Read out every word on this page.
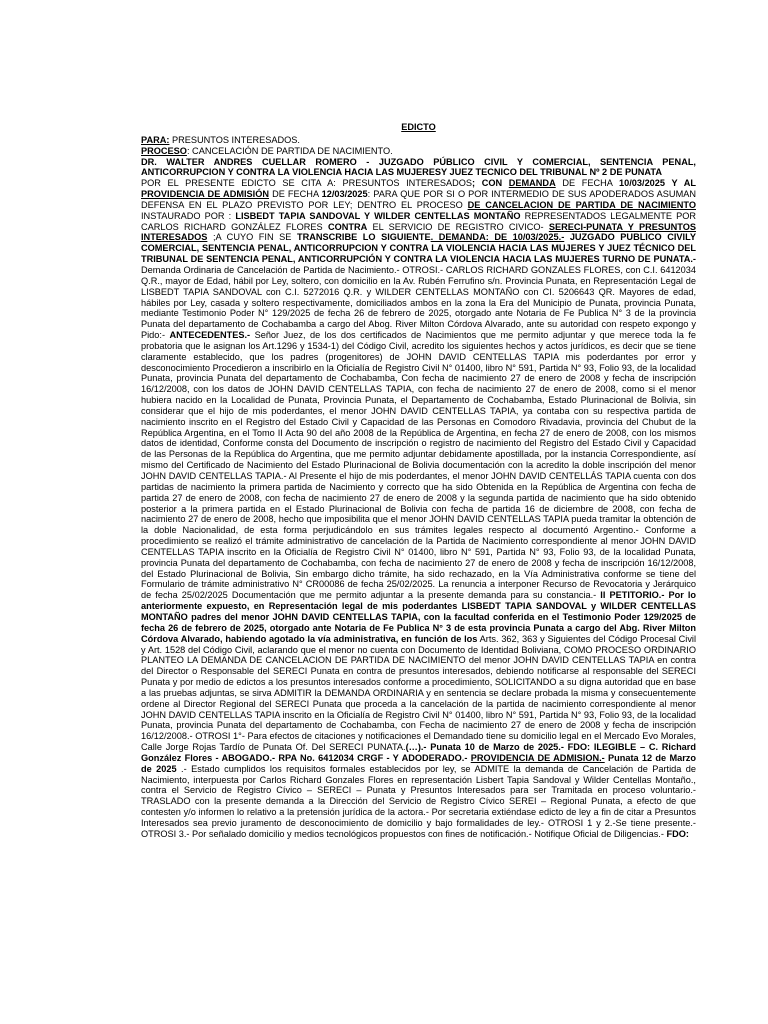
EDICTO

PARA: PRESUNTOS INTERESADOS.

PROCESO: CANCELACIÓN DE PARTIDA DE NACIMIENTO.

DR. WALTER ANDRES CUELLAR ROMERO - JUZGADO PÚBLICO CIVIL Y COMERCIAL, SENTENCIA PENAL, ANTICORRUPCION Y CONTRA LA VIOLENCIA HACIA LAS MUJERESY JUEZ TECNICO DEL TRIBUNAL Nº 2 DE PUNATA

POR EL PRESENTE EDICTO SE CITA A: PRESUNTOS INTERESADOS; CON DEMANDA DE FECHA 10/03/2025 Y AL PROVIDENCIA DE ADMISIÓN DE FECHA 12/03/2025: PARA QUE POR SI O POR INTERMEDIO DE SUS APODERADOS ASUMAN DEFENSA EN EL PLAZO PREVISTO POR LEY; DENTRO EL PROCESO DE CANCELACION DE PARTIDA DE NACIMIENTO INSTAURADO POR : LISBEDT TAPIA SANDOVAL Y WILDER CENTELLAS MONTAÑO REPRESENTADOS LEGALMENTE POR CARLOS RICHARD GONZÁLEZ FLORES CONTRA EL SERVICIO DE REGISTRO CIVICO- SERECI-PUNATA Y PRESUNTOS INTERESADOS ;A CUYO FIN SE TRANSCRIBE LO SIGUIENTE. DEMANDA: DE 10/03/2025.- JUZGADO PUBLICO CIVILY COMERCIAL, SENTENCIA PENAL, ANTICORRUPCION Y CONTRA LA VIOLENCIA HACIA LAS MUJERES Y JUEZ TÉCNICO DEL TRIBUNAL DE SENTENCIA PENAL, ANTICORRUPCIÓN Y CONTRA LA VIOLENCIA HACIA LAS MUJERES TURNO DE PUNATA.- Demanda Ordinaria de Cancelación de Partida de Nacimiento.- OTROSI.- CARLOS RICHARD GONZALES FLORES, con C.I. 6412034 Q.R., mayor de Edad, hábil por Ley, soltero, con domicilio en la Av. Rubén Ferrufino s/n. Provincia Punata, en Representación Legal de LISBEDT TAPIA SANDOVAL con C.I. 5272016 Q.R. y WILDER CENTELLAS MONTAÑO con CI. 5206643 QR. Mayores de edad, hábiles por Ley, casada y soltero respectivamente, domiciliados ambos en la zona la Era del Municipio de Punata, provincia Punata, mediante Testimonio Poder N° 129/2025 de fecha 26 de febrero de 2025, otorgado ante Notaria de Fe Publica N° 3 de la provincia Punata del departamento de Cochabamba a cargo del Abog. River Milton Córdova Alvarado, ante su autoridad con respeto expongo y Pido:- ANTECEDENTES.- Señor Juez, de los dos certificados de Nacimientos que me permito adjuntar y que merece toda la fe probatoria que le asignan los Art.1296 y 1534-1) del Código Civil, acredito los siguientes hechos y actos jurídicos, es decir que se tiene claramente establecido, que los padres (progenitores) de JOHN DAVID CENTELLAS TAPIA mis poderdantes por error y desconocimiento Procedieron a inscribirlo en la Oficialía de Registro Civil N° 01400, libro N° 591, Partida N° 93, Folio 93, de la localidad Punata, provincia Punata del departamento de Cochabamba, Con fecha de nacimiento 27 de enero de 2008 y fecha de inscripción 16/12/2008, con los datos de JOHN DAVID CENTELLAS TAPIA, con fecha de nacimiento 27 de enero de 2008, como si el menor hubiera nacido en la Localidad de Punata, Provincia Punata, el Departamento de Cochabamba, Estado Plurinacional de Bolivia, sin considerar que el hijo de mis poderdantes, el menor JOHN DAVID CENTELLAS TAPIA, ya contaba con su respectiva partida de nacimiento inscrito en el Registro del Estado Civil y Capacidad de las Personas en Comodoro Rivadavia, provincia del Chubut de la República Argentina, en el Tomo II Acta 90 del año 2008 de la República de Argentina, en fecha 27 de enero de 2008, con los mismos datos de identidad, Conforme consta del Documento de inscripción o registro de nacimiento del Registro del Estado Civil y Capacidad de las Personas de la República do Argentina, que me permito adjuntar debidamente apostillada, por la instancia Correspondiente, así mismo del Certificado de Nacimiento del Estado Plurinacional de Bolivia documentación con la acredito la doble inscripción del menor JOHN DAVID CENTELLAS TAPIA.- Al Presente el hijo de mis poderdantes, el menor JOHN DAVID CENTELLÁS TAPIA cuenta con dos partidas de nacimiento la primera partida de Nacimiento y correcto que ha sido Obtenida en la República de Argentina con fecha de partida 27 de enero de 2008, con fecha de nacimiento 27 de enero de 2008 y la segunda partida de nacimiento que ha sido obtenido posterior a la primera partida en el Estado Plurinacional de Bolivia con fecha de partida 16 de diciembre de 2008, con fecha de nacimiento 27 de enero de 2008, hecho que imposibilita que el menor JOHN DAVID CENTELLAS TAPIA pueda tramitar la obtención de la doble Nacionalidad, de esta forma perjudicándolo en sus trámites legales respecto al documentó Argentino.- Conforme a procedimiento se realizó el trámite administrativo de cancelación de la Partida de Nacimiento correspondiente al menor JOHN DAVID CENTELLAS TAPIA inscrito en la Oficialía de Registro Civil N° 01400, libro N° 591, Partida N° 93, Folio 93, de la localidad Punata, provincia Punata del departamento de Cochabamba, con fecha de nacimiento 27 de enero de 2008 y fecha de inscripción 16/12/2008, del Estado Plurinacional de Bolivia, Sin embargo dicho trámite, ha sido rechazado, en la Vía Administrativa conforme se tiene del Formulario de trámite administrativo N° CR00086 de fecha 25/02/2025. La renuncia a interponer Recurso de Revocatoria y Jerárquico de fecha 25/02/2025 Documentación que me permito adjuntar a la presente demanda para su constancia.- II PETITORIO.- Por lo anteriormente expuesto, en Representación legal de mis poderdantes LISBEDT TAPIA SANDOVAL y WILDER CENTELLAS MONTAÑO padres del menor JOHN DAVID CENTELLAS TAPIA, con la facultad conferida en el Testimonio Poder 129/2025 de fecha 26 de febrero de 2025, otorgado ante Notaria de Fe Publica N° 3 de esta provincia Punata a cargo del Abg. River Milton Córdova Alvarado, habiendo agotado la vía administrativa, en función de los Arts. 362, 363 y Siguientes del Código Procesal Civil y Art. 1528 del Código Civil, aclarando que el menor no cuenta con Documento de Identidad Boliviana, COMO PROCESO ORDINARIO PLANTEO LA DEMANDA DE CANCELACION DE PARTIDA DE NACIMIENTO del menor JOHN DAVID CENTELLAS TAPIA en contra del Director o Responsable del SERECI Punata en contra de presuntos interesados, debiendo notificarse al responsable del SERECI Punata y por medio de edictos a los presuntos interesados conforme a procedimiento, SOLICITANDO a su digna autoridad que en base a las pruebas adjuntas, se sirva ADMITIR la DEMANDA ORDINARIA y en sentencia se declare probada la misma y consecuentemente ordene al Director Regional del SERECI Punata que proceda a la cancelación de la partida de nacimiento correspondiente al menor JOHN DAVID CENTELLAS TAPIA inscrito en la Oficialía de Registro Civil N° 01400, libro N° 591, Partida N° 93, Folio 93, de la localidad Punata, provincia Punata del departamento de Cochabamba, con Fecha de nacimiento 27 de enero de 2008 y fecha de inscripción 16/12/2008.- OTROSI 1°- Para efectos de citaciones y notificaciones el Demandado tiene su domicilio legal en el Mercado Evo Morales, Calle Jorge Rojas Tardío de Punata Of. Del SERECI PUNATA.(…).- Punata 10 de Marzo de 2025.- FDO: ILEGIBLE – C. Richard González Flores - ABOGADO.- RPA No. 6412034 CRGF - Y ADODERADO.- PROVIDENCIA DE ADMISION.- Punata 12 de Marzo de 2025 .- Estado cumplidos los requisitos formales establecidos por ley, se ADMITE la demanda de Cancelación de Partida de Nacimiento, interpuesta por Carlos Richard Gonzales Flores en representación Lisbert Tapia Sandoval y Wilder Centellas Montaño., contra el Servicio de Registro Cívico – SERECI – Punata y Presuntos Interesados para ser Tramitada en proceso voluntario.- TRASLADO con la presente demanda a la Dirección del Servicio de Registro Cívico SEREI – Regional Punata, a efecto de que contesten y/o informen lo relativo a la pretensión jurídica de la actora.- Por secretaria extiéndase edicto de ley a fin de citar a Presuntos Interesados sea previo juramento de desconocimiento de domicilio y bajo formalidades de ley.- OTROSI 1 y 2.-Se tiene presente.- OTROSI 3.- Por señalado domicilio y medios tecnológicos propuestos con fines de notificación.- Notifique Oficial de Diligencias.- FDO:
